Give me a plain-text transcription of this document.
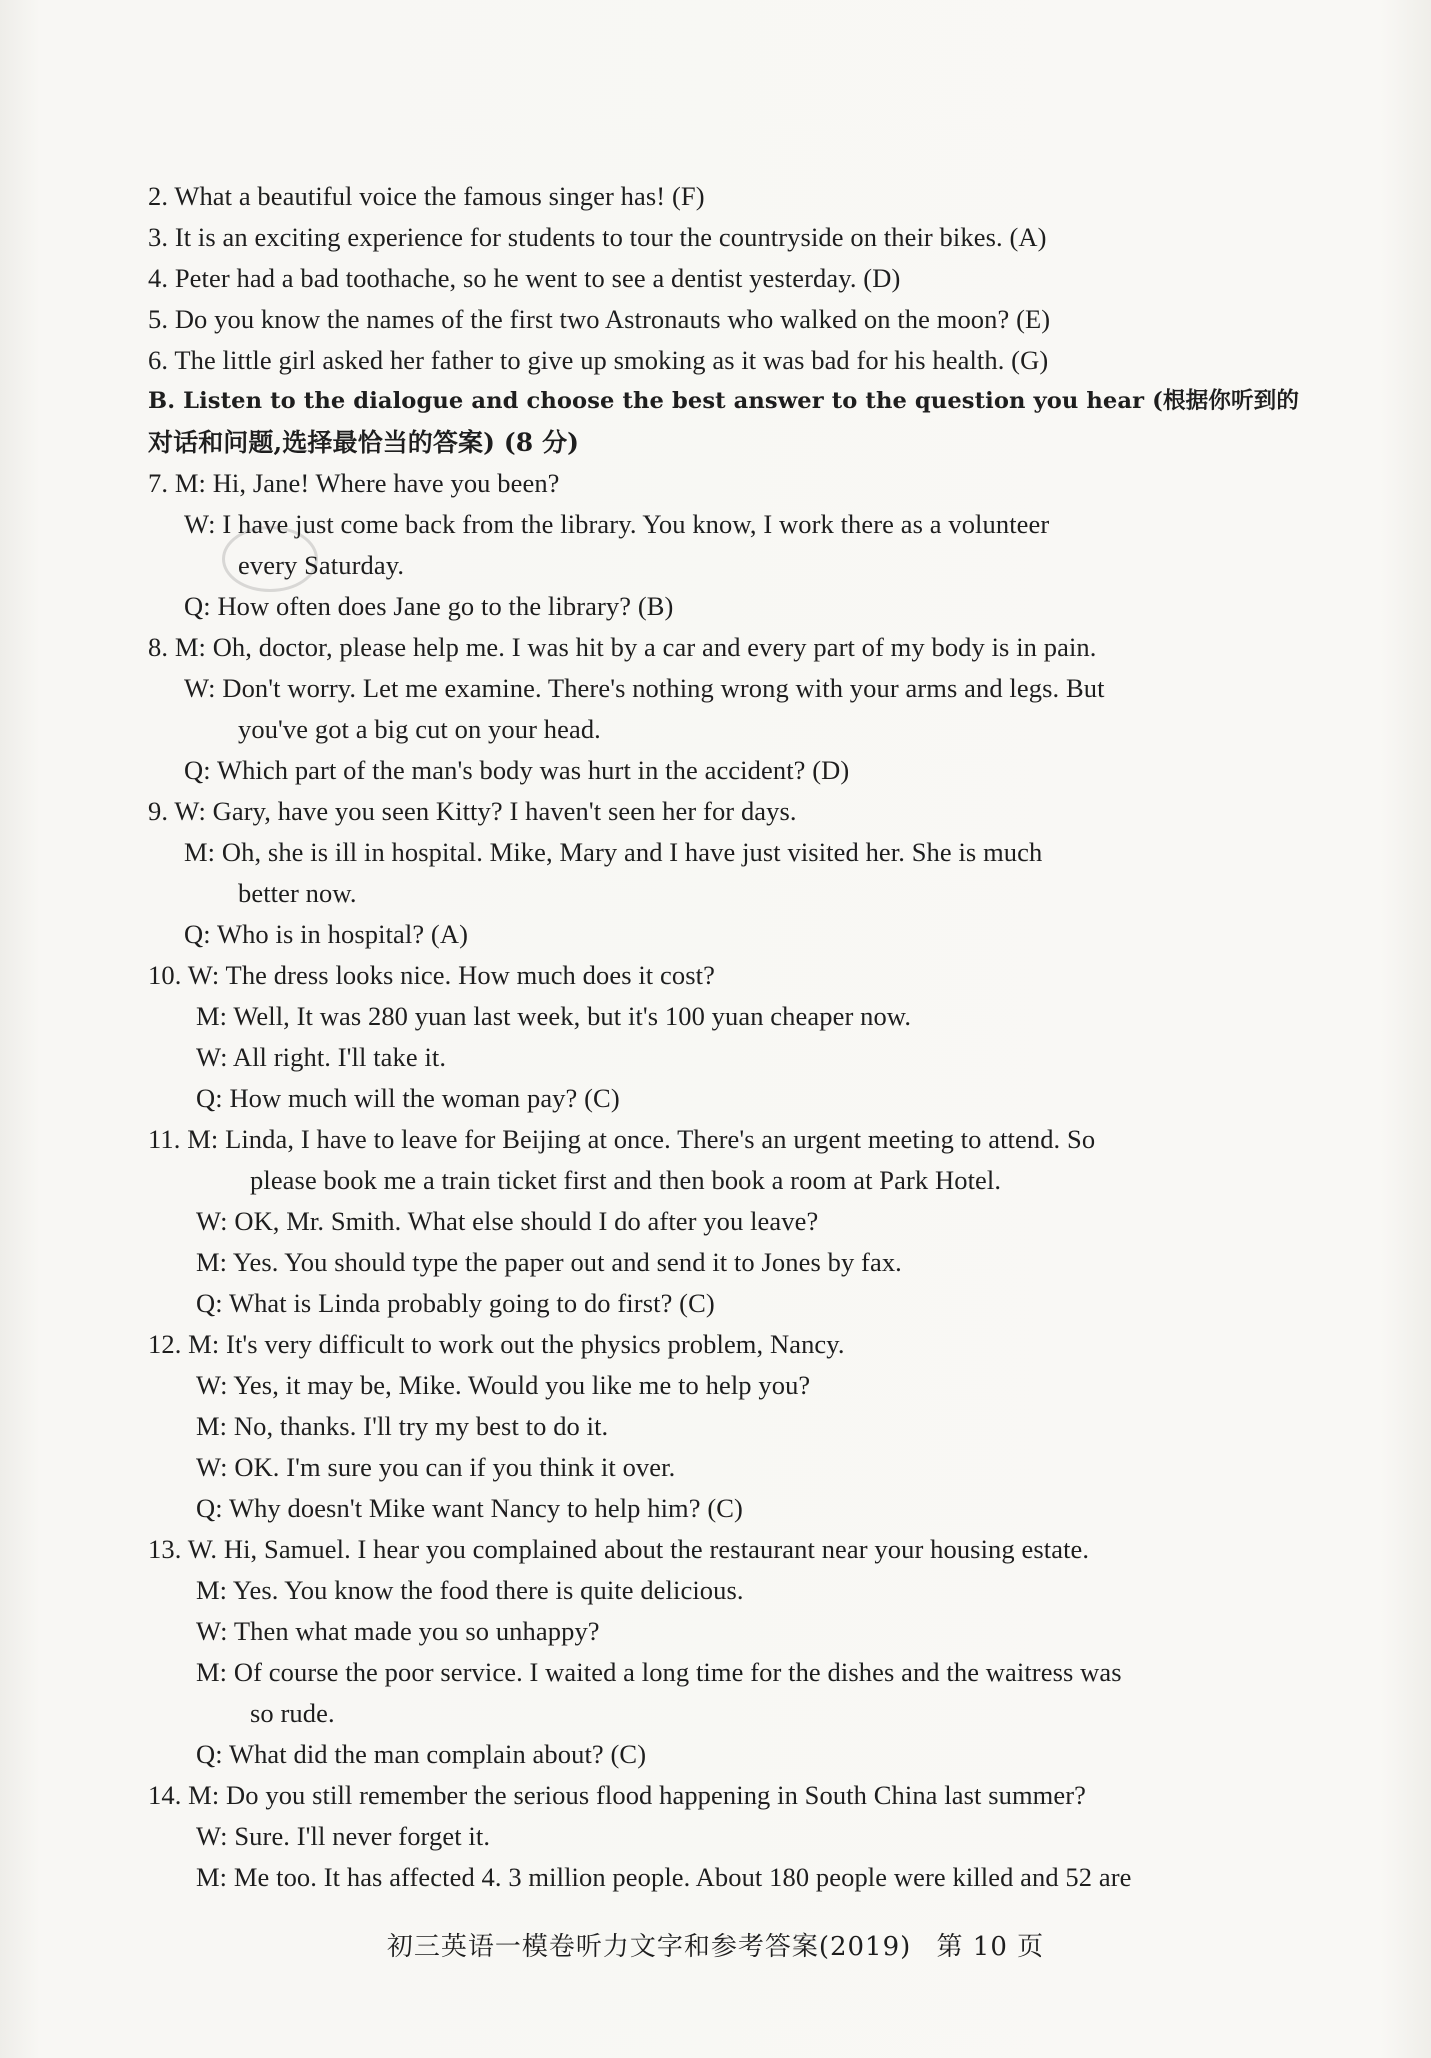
2. What a beautiful voice the famous singer has! (F)
3. It is an exciting experience for students to tour the countryside on their bikes. (A)
4. Peter had a bad toothache, so he went to see a dentist yesterday. (D)
5. Do you know the names of the first two Astronauts who walked on the moon? (E)
6. The little girl asked her father to give up smoking as it was bad for his health. (G)
B. Listen to the dialogue and choose the best answer to the question you hear (根据你听到的
对话和问题,选择最恰当的答案) (8 分)
7. M: Hi, Jane! Where have you been?
W: I have just come back from the library. You know, I work there as a volunteer
every Saturday.
Q: How often does Jane go to the library? (B)
8. M: Oh, doctor, please help me. I was hit by a car and every part of my body is in pain.
W: Don't worry. Let me examine. There's nothing wrong with your arms and legs. But
you've got a big cut on your head.
Q: Which part of the man's body was hurt in the accident? (D)
9. W: Gary, have you seen Kitty? I haven't seen her for days.
M: Oh, she is ill in hospital. Mike, Mary and I have just visited her. She is much
better now.
Q: Who is in hospital? (A)
10. W: The dress looks nice. How much does it cost?
M: Well, It was 280 yuan last week, but it's 100 yuan cheaper now.
W: All right. I'll take it.
Q: How much will the woman pay? (C)
11. M: Linda, I have to leave for Beijing at once. There's an urgent meeting to attend. So
please book me a train ticket first and then book a room at Park Hotel.
W: OK, Mr. Smith. What else should I do after you leave?
M: Yes. You should type the paper out and send it to Jones by fax.
Q: What is Linda probably going to do first? (C)
12. M: It's very difficult to work out the physics problem, Nancy.
W: Yes, it may be, Mike. Would you like me to help you?
M: No, thanks. I'll try my best to do it.
W: OK. I'm sure you can if you think it over.
Q: Why doesn't Mike want Nancy to help him? (C)
13. W. Hi, Samuel. I hear you complained about the restaurant near your housing estate.
M: Yes. You know the food there is quite delicious.
W: Then what made you so unhappy?
M: Of course the poor service. I waited a long time for the dishes and the waitress was
so rude.
Q: What did the man complain about? (C)
14. M: Do you still remember the serious flood happening in South China last summer?
W: Sure. I'll never forget it.
M: Me too. It has affected 4. 3 million people. About 180 people were killed and 52 are
初三英语一模卷听力文字和参考答案(2019) 第 10 页
